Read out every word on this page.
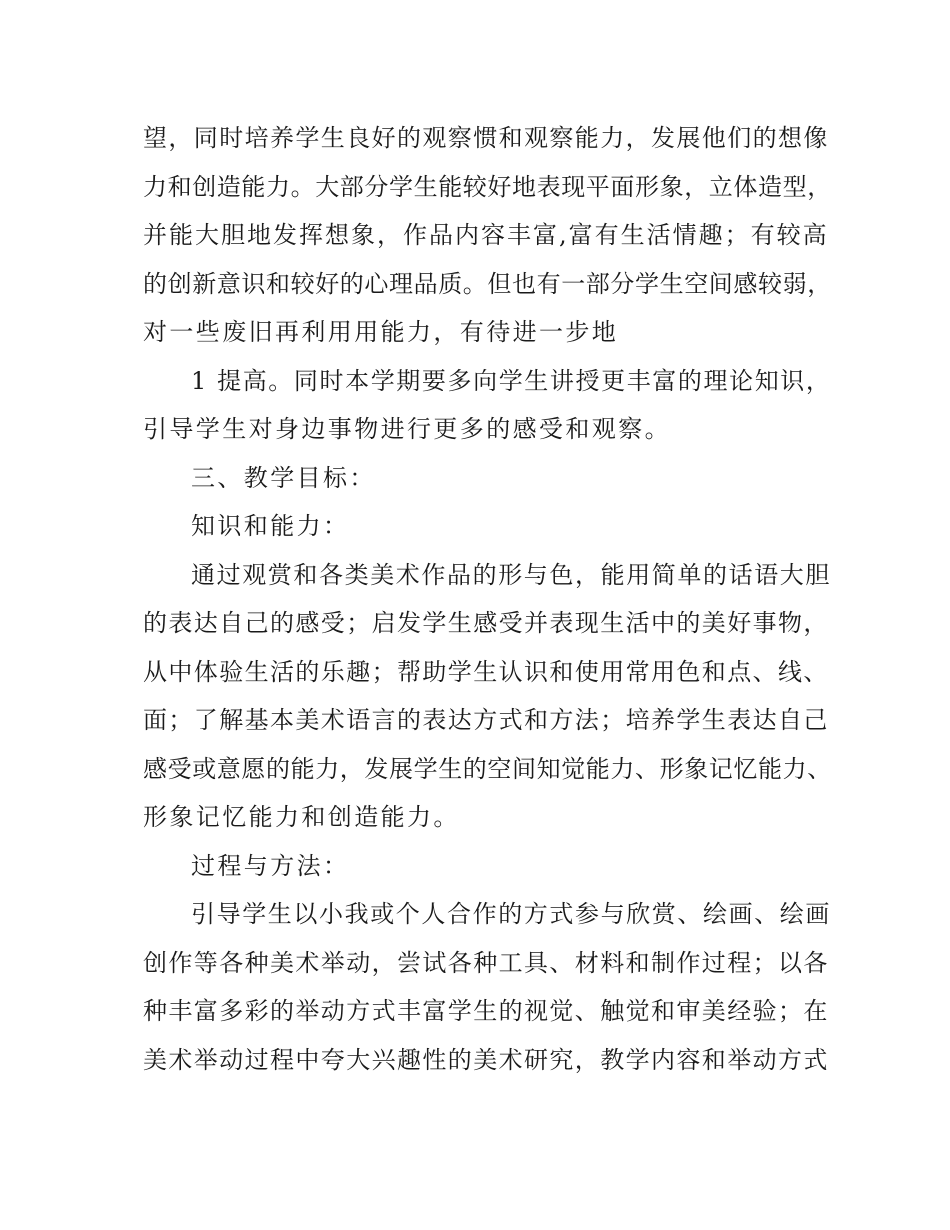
望，同时培养学生良好的观察惯和观察能力，发展他们的想像
力和创造能力。大部分学生能较好地表现平面形象，立体造型，
并能大胆地发挥想象，作品内容丰富,富有生活情趣；有较高
的创新意识和较好的心理品质。但也有一部分学生空间感较弱，
对一些废旧再利用用能力，有待进一步地
1 提高。同时本学期要多向学生讲授更丰富的理论知识，
引导学生对身边事物进行更多的感受和观察。
三、教学目标：
知识和能力：
通过观赏和各类美术作品的形与色，能用简单的话语大胆
的表达自己的感受；启发学生感受并表现生活中的美好事物，
从中体验生活的乐趣；帮助学生认识和使用常用色和点、线、
面；了解基本美术语言的表达方式和方法；培养学生表达自己
感受或意愿的能力，发展学生的空间知觉能力、形象记忆能力、
形象记忆能力和创造能力。
过程与方法：
引导学生以小我或个人合作的方式参与欣赏、绘画、绘画
创作等各种美术举动，尝试各种工具、材料和制作过程；以各
种丰富多彩的举动方式丰富学生的视觉、触觉和审美经验；在
美术举动过程中夸大兴趣性的美术研究，教学内容和举动方式
